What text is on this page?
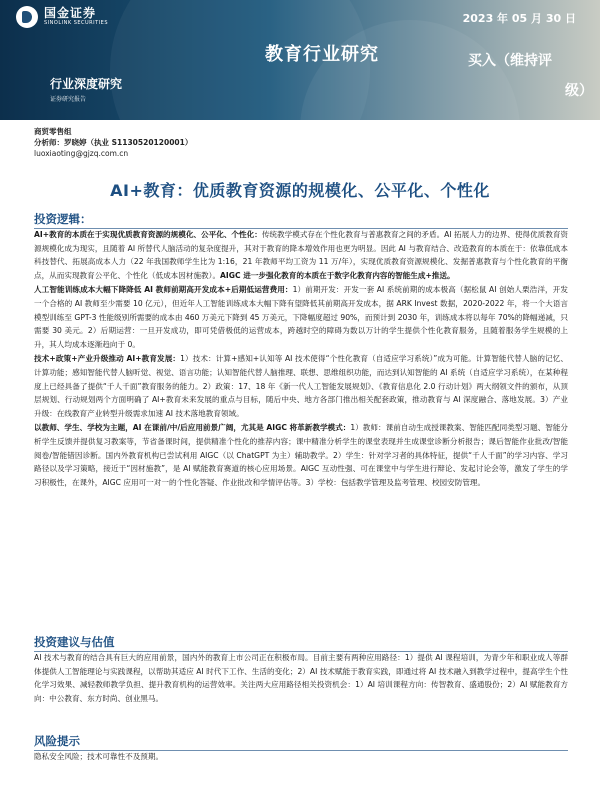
国金证券
SINOLINK SECURITIES	2023 年 05 月 30 日
教育行业研究	买入（维持评
级）
行业深度研究
证券研究报告
商贸零售组
分析师：罗晓婷（执业 S1130520120001）
luoxiaoting@gjzq.com.cn
AI+教育：优质教育资源的规模化、公平化、个性化
投资逻辑：

AI+教育的本质在于实现优质教育资源的规模化、公平化、个性化：传统教学模式存在个性化教育与普惠教育之间的矛盾。AI 拓展人力的边界、使得优质教育资源规模化成为现实，且随着 AI 所替代人脑活动的复杂度提升，其对于教育的降本增效作用也更为明显。因此 AI 与教育结合、改造教育的本质在于：依靠低成本科技替代、拓展高成本人力（22 年我国教师学生比为 1:16，21 年教师平均工资为 11 万/年），实现优质教育资源规模化、发掘普惠教育与个性化教育的平衡点，从而实现教育公平化、个性化（低成本因材施教）。AIGC 进一步强化教育的本质在于数字化教育内容的智能生成+推送。

人工智能训练成本大幅下降降低 AI 教师前期高开发成本+后期低运营费用：1）前期开发：开发一套 AI 系统前期的成本极高（据松鼠 AI 创始人栗浩洋，开发一个合格的 AI 教师至少需要 10 亿元），但近年人工智能训练成本大幅下降有望降低其前期高开发成本，据 ARK Invest 数据，2020-2022 年，将一个大语言模型训练至 GPT-3 性能级别所需要的成本由 460 万美元下降到 45 万美元，下降幅度超过 90%，而预计到 2030 年，训练成本将以每年 70%的降幅递减，只需要 30 美元。2）后期运营：一旦开发成功，即可凭借极低的运营成本，跨越时空的障碍为数以万计的学生提供个性化教育服务，且随着服务学生规模的上升，其人均成本逐渐趋向于 0。

技术+政策+产业升级推动 AI+教育发展：1）技术：计算+感知+认知等 AI 技术使得“个性化教育（自适应学习系统）”成为可能。计算智能代替人脑的记忆、计算功能；感知智能代替人脑听觉、视觉、语言功能；认知智能代替人脑推理、联想、思维组织功能，而达到认知智能的 AI 系统（自适应学习系统），在某种程度上已经具备了提供“千人千面”教育服务的能力。2）政策：17、18 年《新一代人工智能发展规划》、《教育信息化 2.0 行动计划》两大纲领文件的颁布，从顶层规划、行动规划两个方面明确了 AI+教育未来发展的重点与目标，随后中央、地方各部门推出相关配套政策，推动教育与 AI 深度融合、落地发展。3）产业升级：在线教育产业转型升级需求加速 AI 技术落地教育领域。

以教师、学生、学校为主题，AI 在课前/中/后应用前景广阔，尤其是 AIGC 将革新教学模式：1）教师：课前自动生成授课教案、智能匹配同类型习题、智能分析学生反馈并提供复习教案等，节省备课时间，提供精准个性化的推荐内容；课中精准分析学生的课堂表现并生成课堂诊断分析报告；课后智能作业批改/智能阅卷/智能错因诊断。国内外教育机构已尝试利用 AIGC（以 ChatGPT 为主）辅助教学。2）学生：针对学习者的具体特征，提供“千人千面”的学习内容、学习路径以及学习策略，接近于“因材施教”，是 AI 赋能教育赛道的核心应用场景。AIGC 互动性强、可在课堂中与学生进行辩论、发起讨论会等，激发了学生的学习积极性，在课外，AIGC 应用可一对一的个性化答疑、作业批改和学情评估等。3）学校：包括教学管理及监考管理、校园安防管理。

投资建议与估值

AI 技术与教育的结合具有巨大的应用前景，国内外的教育上市公司正在积极布局。目前主要有两种应用路径：1）提供 AI 课程培训，为青少年和职业成人等群体提供人工智能理论与实践课程，以帮助其适应 AI 时代下工作、生活的变化；2）AI 技术赋能于教育实践，即通过将 AI 技术融入到教学过程中，提高学生个性化学习效果、减轻教师教学负担、提升教育机构的运营效率。关注两大应用路径相关投资机会：1）AI 培训课程方向：传智教育、盛通股份；2）AI 赋能教育方向：中公教育、东方时尚、创业黑马。

风险提示

隐私安全风险；技术可靠性不及预期。
